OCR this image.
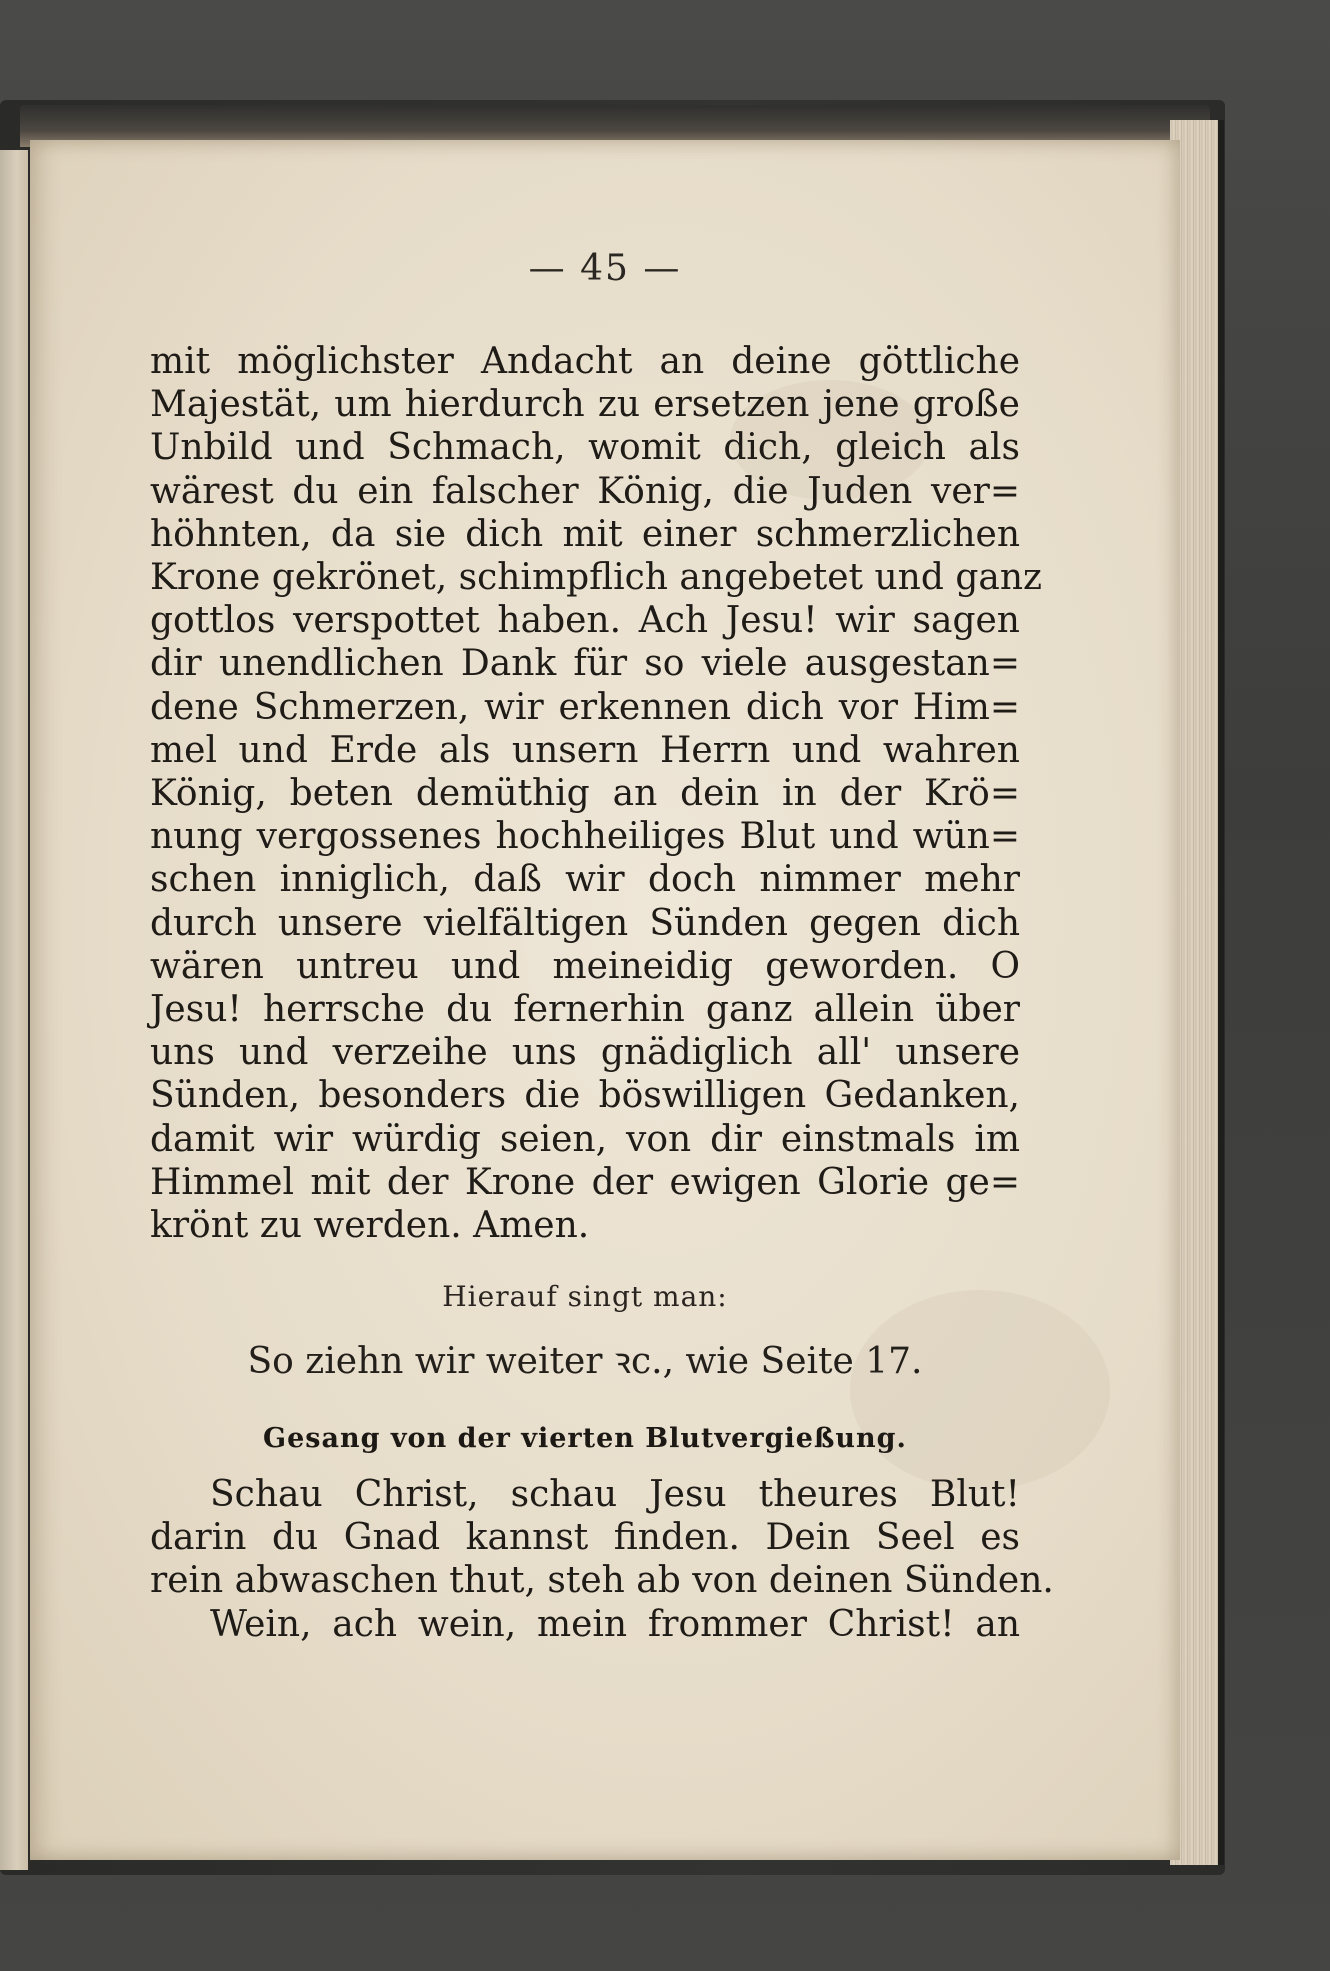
— 45 —
mit möglichster Andacht an deine göttliche
Majestät, um hierdurch zu ersetzen jene große
Unbild und Schmach, womit dich, gleich als
wärest du ein falscher König, die Juden ver=
höhnten, da sie dich mit einer schmerzlichen
Krone gekrönet, schimpflich angebetet und ganz
gottlos verspottet haben. Ach Jesu! wir sagen
dir unendlichen Dank für so viele ausgestan=
dene Schmerzen, wir erkennen dich vor Him=
mel und Erde als unsern Herrn und wahren
König, beten demüthig an dein in der Krö=
nung vergossenes hochheiliges Blut und wün=
schen inniglich, daß wir doch nimmer mehr
durch unsere vielfältigen Sünden gegen dich
wären untreu und meineidig geworden. O
Jesu! herrsche du fernerhin ganz allein über
uns und verzeihe uns gnädiglich all' unsere
Sünden, besonders die böswilligen Gedanken,
damit wir würdig seien, von dir einstmals im
Himmel mit der Krone der ewigen Glorie ge=
krönt zu werden. Amen.
Hierauf singt man:
So ziehn wir weiter ꝛc., wie Seite 17.
Gesang von der vierten Blutvergießung.
Schau Christ, schau Jesu theures Blut!
darin du Gnad kannst finden. Dein Seel es
rein abwaschen thut, steh ab von deinen Sünden.
Wein, ach wein, mein frommer Christ! an
